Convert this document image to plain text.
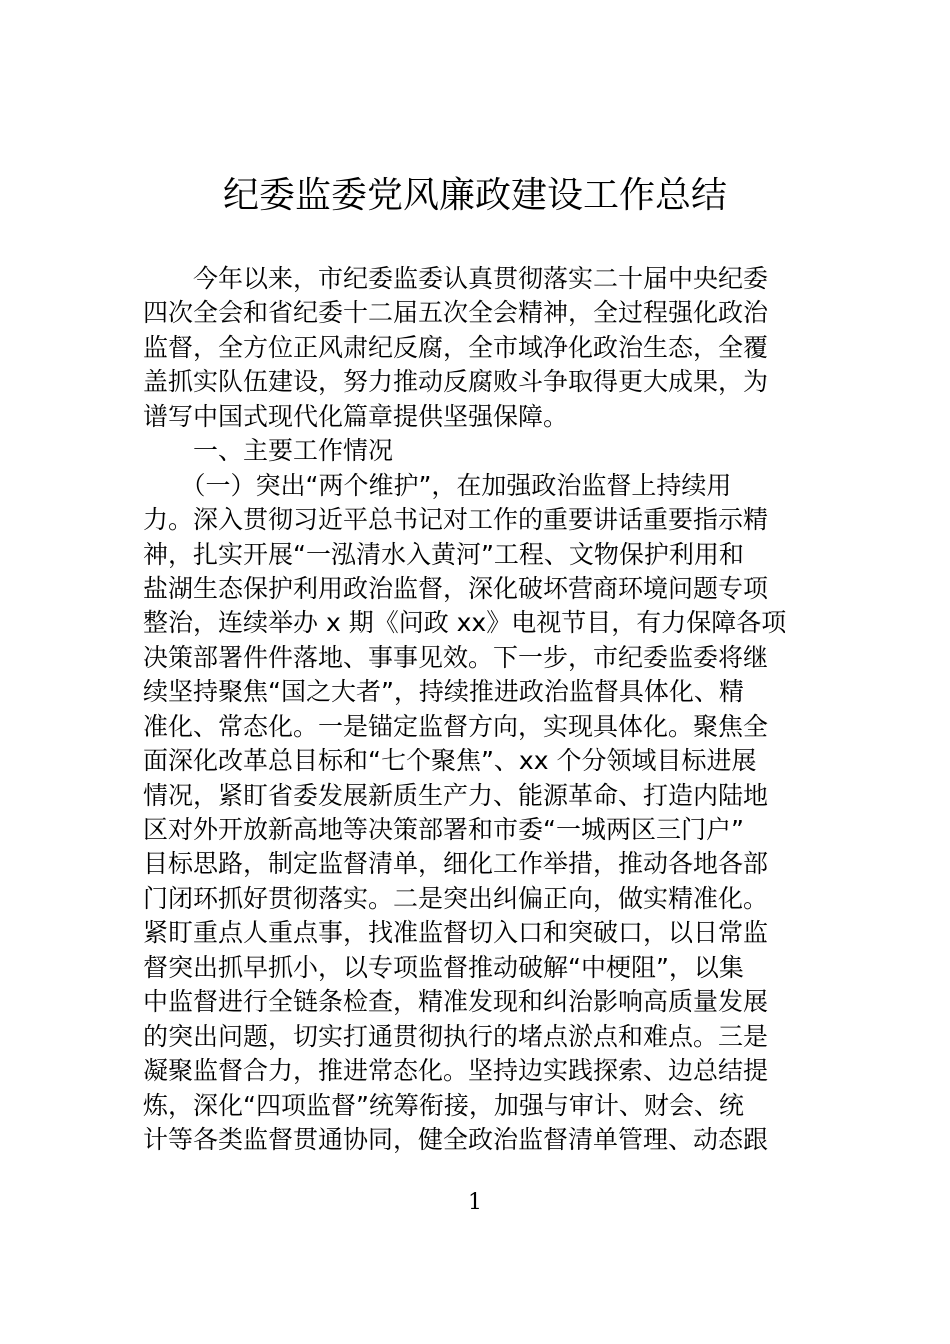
纪委监委党风廉政建设工作总结
　　今年以来，市纪委监委认真贯彻落实二十届中央纪委
四次全会和省纪委十二届五次全会精神，全过程强化政治
监督，全方位正风肃纪反腐，全市域净化政治生态，全覆
盖抓实队伍建设，努力推动反腐败斗争取得更大成果，为
谱写中国式现代化篇章提供坚强保障。
　　一、主要工作情况
　　（一）突出“两个维护”，在加强政治监督上持续用
力。深入贯彻习近平总书记对工作的重要讲话重要指示精
神，扎实开展“一泓清水入黄河”工程、文物保护利用和
盐湖生态保护利用政治监督，深化破坏营商环境问题专项
整治，连续举办 x 期《问政 xx》电视节目，有力保障各项
决策部署件件落地、事事见效。下一步，市纪委监委将继
续坚持聚焦“国之大者”，持续推进政治监督具体化、精
准化、常态化。一是锚定监督方向，实现具体化。聚焦全
面深化改革总目标和“七个聚焦”、xx 个分领域目标进展
情况，紧盯省委发展新质生产力、能源革命、打造内陆地
区对外开放新高地等决策部署和市委“一城两区三门户”
目标思路，制定监督清单，细化工作举措，推动各地各部
门闭环抓好贯彻落实。二是突出纠偏正向，做实精准化。
紧盯重点人重点事，找准监督切入口和突破口，以日常监
督突出抓早抓小，以专项监督推动破解“中梗阻”，以集
中监督进行全链条检查，精准发现和纠治影响高质量发展
的突出问题，切实打通贯彻执行的堵点淤点和难点。三是
凝聚监督合力，推进常态化。坚持边实践探索、边总结提
炼，深化“四项监督”统筹衔接，加强与审计、财会、统
计等各类监督贯通协同，健全政治监督清单管理、动态跟
1
